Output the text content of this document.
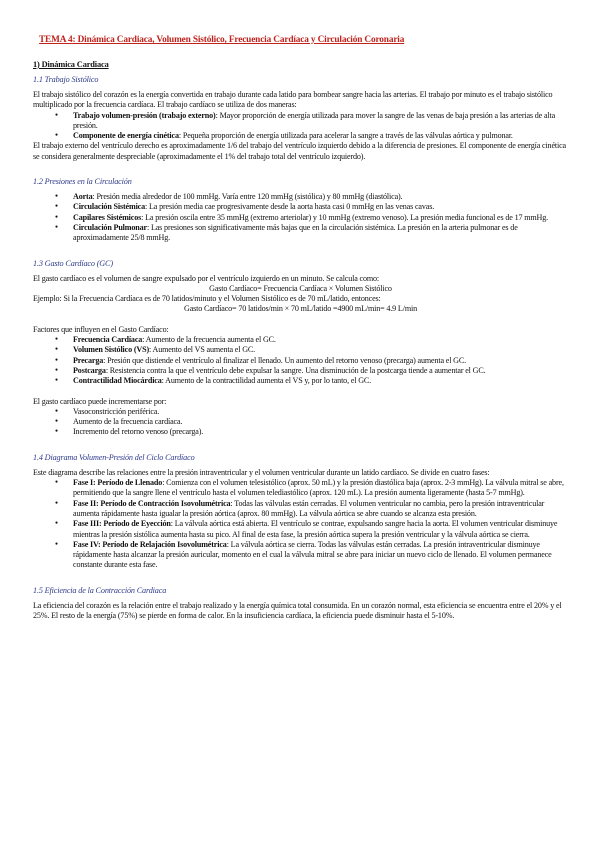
TEMA 4: Dinámica Cardiaca, Volumen Sistólico, Frecuencia Cardíaca y Circulación Coronaria
1) Dinámica Cardiaca
1.1 Trabajo Sistólico

El trabajo sistólico del corazón es la energía convertida en trabajo durante cada latido para bombear sangre hacia las arterias. El trabajo por minuto es el trabajo sistólico multiplicado por la frecuencia cardíaca. El trabajo cardíaco se utiliza de dos maneras:

● Trabajo volumen-presión (trabajo externo): Mayor proporción de energía utilizada para mover la sangre de las venas de baja presión a las arterias de alta presión.
● Componente de energía cinética: Pequeña proporción de energía utilizada para acelerar la sangre a través de las válvulas aórtica y pulmonar.

El trabajo externo del ventrículo derecho es aproximadamente 1/6 del trabajo del ventrículo izquierdo debido a la diferencia de presiones. El componente de energía cinética se considera generalmente despreciable (aproximadamente el 1% del trabajo total del ventrículo izquierdo).

1.2 Presiones en la Circulación
● Aorta: Presión media alrededor de 100 mmHg. Varía entre 120 mmHg (sistólica) y 80 mmHg (diastólica).
● Circulación Sistémica: La presión media cae progresivamente desde la aorta hasta casi 0 mmHg en las venas cavas.
● Capilares Sistémicos: La presión oscila entre 35 mmHg (extremo arteriolar) y 10 mmHg (extremo venoso). La presión media funcional es de 17 mmHg.
● Circulación Pulmonar: Las presiones son significativamente más bajas que en la circulación sistémica. La presión en la arteria pulmonar es de aproximadamente 25/8 mmHg.
1.3 Gasto Cardíaco (GC)

El gasto cardíaco es el volumen de sangre expulsado por el ventrículo izquierdo en un minuto. Se calcula como:

Gasto Cardíaco= Frecuencia Cardíaca × Volumen Sistólico

Ejemplo: Si la Frecuencia Cardíaca es de 70 latidos/minuto y el Volumen Sistólico es de 70 mL/latido, entonces:

Gasto Cardíaco= 70 latidos/min × 70 mL/latido =4900 mL/min= 4.9 L/min

Factores que influyen en el Gasto Cardíaco:

● Frecuencia Cardíaca: Aumento de la frecuencia aumenta el GC.
● Volumen Sistólico (VS): Aumento del VS aumenta el GC.
● Precarga: Presión que distiende el ventrículo al finalizar el llenado. Un aumento del retorno venoso (precarga) aumenta el GC.
● Postcarga: Resistencia contra la que el ventrículo debe expulsar la sangre. Una disminución de la postcarga tiende a aumentar el GC.
● Contractilidad Miocárdica: Aumento de la contractilidad aumenta el VS y, por lo tanto, el GC.

El gasto cardíaco puede incrementarse por:

● Vasoconstricción periférica.
● Aumento de la frecuencia cardíaca.
● Incremento del retorno venoso (precarga).
1.4 Diagrama Volumen-Presión del Ciclo Cardíaco

Este diagrama describe las relaciones entre la presión intraventricular y el volumen ventricular durante un latido cardíaco. Se divide en cuatro fases:

● Fase I: Período de Llenado: Comienza con el volumen telesistólico (aprox. 50 mL) y la presión diastólica baja (aprox. 2-3 mmHg). La válvula mitral se abre, permitiendo que la sangre llene el ventrículo hasta el volumen telediastólico (aprox. 120 mL). La presión aumenta ligeramente (hasta 5-7 mmHg).
● Fase II: Período de Contracción Isovolumétrica: Todas las válvulas están cerradas. El volumen ventricular no cambia, pero la presión intraventricular aumenta rápidamente hasta igualar la presión aórtica (aprox. 80 mmHg). La válvula aórtica se abre cuando se alcanza esta presión.
● Fase III: Período de Eyección: La válvula aórtica está abierta. El ventrículo se contrae, expulsando sangre hacia la aorta. El volumen ventricular disminuye mientras la presión sistólica aumenta hasta su pico. Al final de esta fase, la presión aórtica supera la presión ventricular y la válvula aórtica se cierra.
● Fase IV: Período de Relajación Isovolumétrica: La válvula aórtica se cierra. Todas las válvulas están cerradas. La presión intraventricular disminuye rápidamente hasta alcanzar la presión auricular, momento en el cual la válvula mitral se abre para iniciar un nuevo ciclo de llenado. El volumen permanece constante durante esta fase.
1.5 Eficiencia de la Contracción Cardiaca

La eficiencia del corazón es la relación entre el trabajo realizado y la energía química total consumida. En un corazón normal, esta eficiencia se encuentra entre el 20% y el 25%. El resto de la energía (75%) se pierde en forma de calor. En la insuficiencia cardíaca, la eficiencia puede disminuir hasta el 5-10%.
